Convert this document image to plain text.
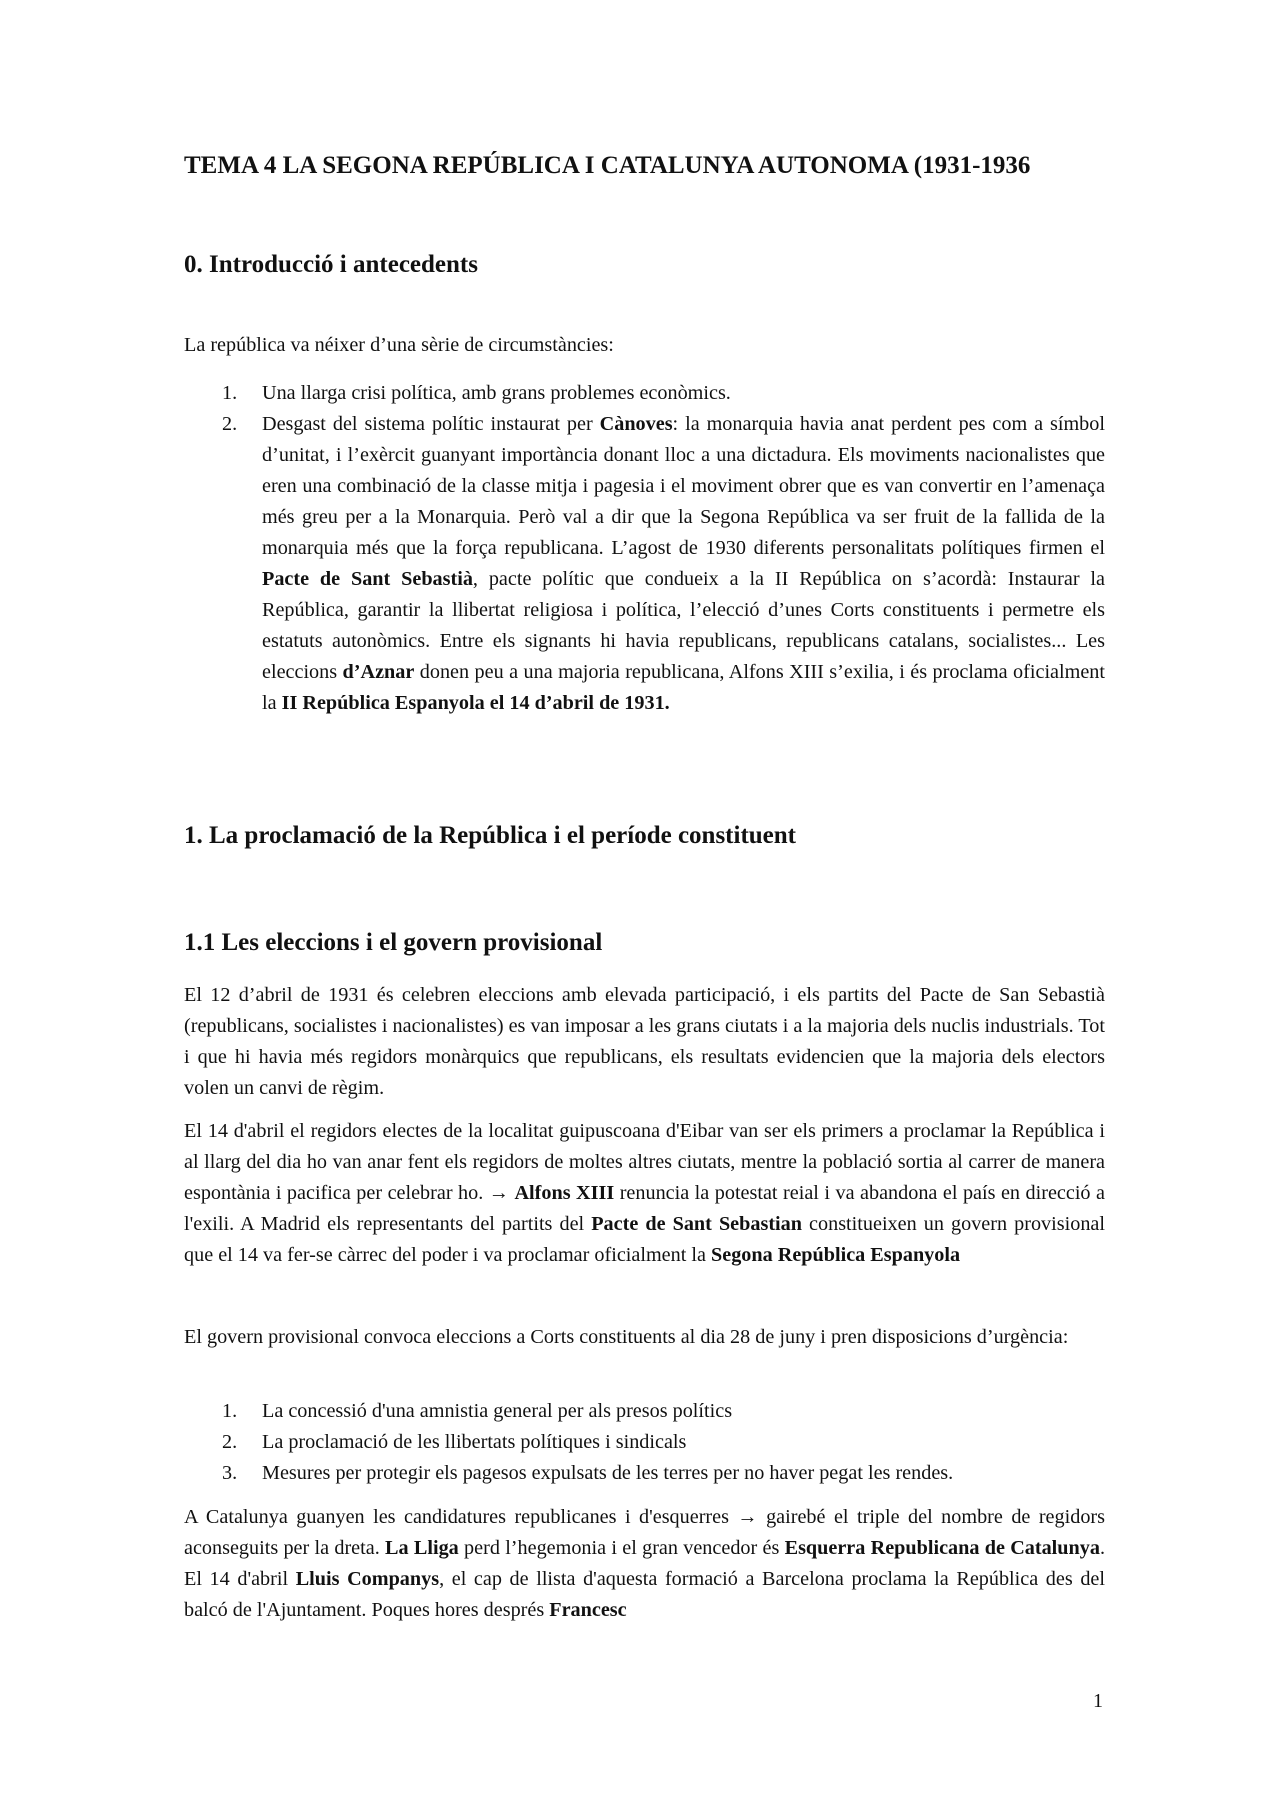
TEMA 4 LA SEGONA REPÚBLICA I CATALUNYA AUTONOMA (1931-1936
0. Introducció i antecedents

La república va néixer d’una sèrie de circumstàncies:

1. Una llarga crisi política, amb grans problemes econòmics.
2. Desgast del sistema polític instaurat per Cànoves: la monarquia havia anat perdent pes com a símbol d’unitat, i l’exèrcit guanyant importància donant lloc a una dictadura. Els moviments nacionalistes que eren una combinació de la classe mitja i pagesia i el moviment obrer que es van convertir en l’amenaça més greu per a la Monarquia. Però val a dir que la Segona República va ser fruit de la fallida de la monarquia més que la força republicana. L’agost de 1930 diferents personalitats polítiques firmen el Pacte de Sant Sebastià, pacte polític que condueix a la II República on s’acordà: Instaurar la República, garantir la llibertat religiosa i política, l’elecció d’unes Corts constituents i permetre els estatuts autonòmics. Entre els signants hi havia republicans, republicans catalans, socialistes... Les eleccions d’Aznar donen peu a una majoria republicana, Alfons XIII s’exilia, i és proclama oficialment la II República Espanyola el 14 d’abril de 1931.
1. La proclamació de la República i el període constituent
1.1 Les eleccions i el govern provisional

El 12 d’abril de 1931 és celebren eleccions amb elevada participació, i els partits del Pacte de San Sebastià (republicans, socialistes i nacionalistes) es van imposar a les grans ciutats i a la majoria dels nuclis industrials. Tot i que hi havia més regidors monàrquics que republicans, els resultats evidencien que la majoria dels electors volen un canvi de règim.

El 14 d'abril el regidors electes de la localitat guipuscoana d'Eibar van ser els primers a proclamar la República i al llarg del dia ho van anar fent els regidors de moltes altres ciutats, mentre la població sortia al carrer de manera espontània i pacifica per celebrar ho. → Alfons XIII renuncia la potestat reial i va abandona el país en direcció a l'exili. A Madrid els representants del partits del Pacte de Sant Sebastian constitueixen un govern provisional que el 14 va fer-se càrrec del poder i va proclamar oficialment la Segona República Espanyola

El govern provisional convoca eleccions a Corts constituents al dia 28 de juny i pren disposicions d’urgència:

1. La concessió d'una amnistia general per als presos polítics
2. La proclamació de les llibertats polítiques i sindicals
3. Mesures per protegir els pagesos expulsats de les terres per no haver pegat les rendes.

A Catalunya guanyen les candidatures republicanes i d'esquerres → gairebé el triple del nombre de regidors aconseguits per la dreta. La Lliga perd l’hegemonia i el gran vencedor és Esquerra Republicana de Catalunya. El 14 d'abril Lluis Companys, el cap de llista d'aquesta formació a Barcelona proclama la República des del balcó de l'Ajuntament. Poques hores després Francesc

1
